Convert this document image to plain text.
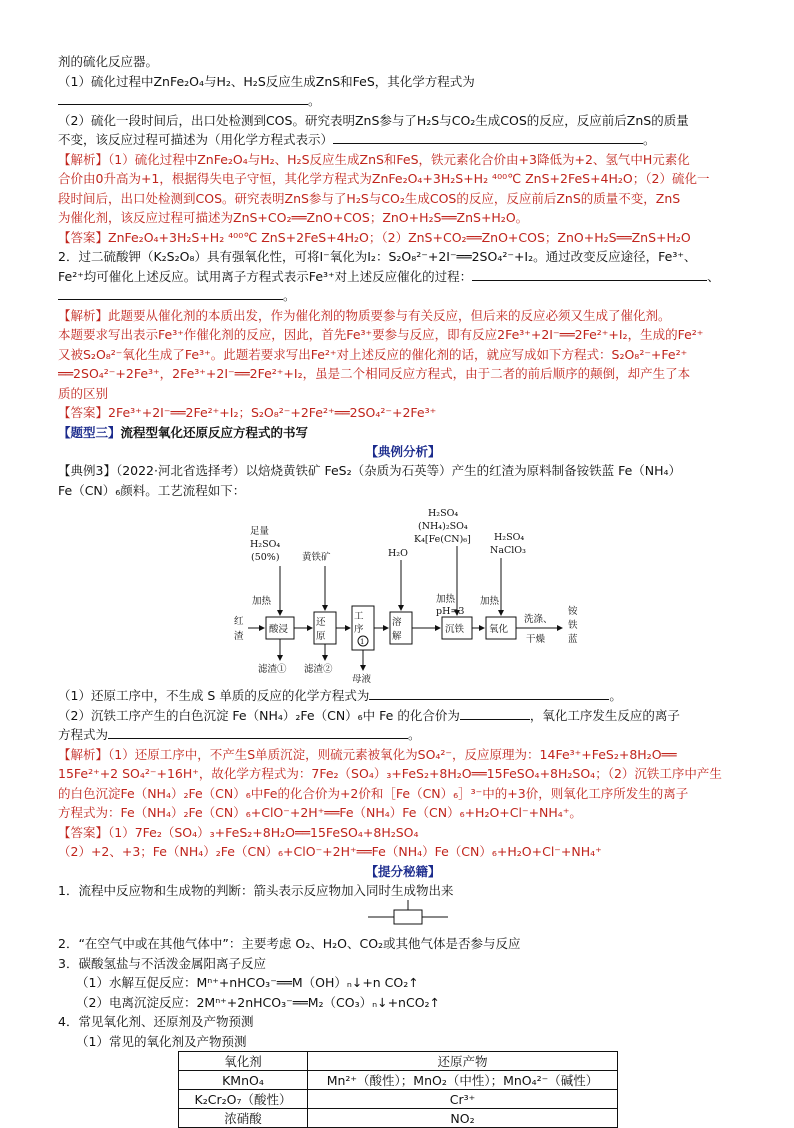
剂的硫化反应器。
（1）硫化过程中ZnFe₂O₄与H₂、H₂S反应生成ZnS和FeS，其化学方程式为
。
（2）硫化一段时间后，出口处检测到COS。研究表明ZnS参与了H₂S与CO₂生成COS的反应，反应前后ZnS的质量
不变，该反应过程可描述为（用化学方程式表示）	。
【解析】（1）硫化过程中ZnFe₂O₄与H₂、H₂S反应生成ZnS和FeS，铁元素化合价由+3降低为+2、氢气中H元素化
合价由0升高为+1，根据得失电子守恒，其化学方程式为ZnFe₂O₄+3H₂S+H₂ ⁴⁰⁰℃ ZnS+2FeS+4H₂O；（2）硫化一
段时间后，出口处检测到COS。研究表明ZnS参与了H₂S与CO₂生成COS的反应，反应前后ZnS的质量不变，ZnS
为催化剂，该反应过程可描述为ZnS+CO₂══ZnO+COS；ZnO+H₂S══ZnS+H₂O。
【答案】ZnFe₂O₄+3H₂S+H₂ ⁴⁰⁰℃ ZnS+2FeS+4H₂O；（2）ZnS+CO₂══ZnO+COS；ZnO+H₂S══ZnS+H₂O
2．过二硫酸钾（K₂S₂O₈）具有强氧化性，可将I⁻氧化为I₂：S₂O₈²⁻+2I⁻══2SO₄²⁻+I₂。通过改变反应途径，Fe³⁺、
Fe²⁺均可催化上述反应。试用离子方程式表示Fe³⁺对上述反应催化的过程：	、
。
【解析】此题要从催化剂的本质出发，作为催化剂的物质要参与有关反应，但后来的反应必须又生成了催化剂。
本题要求写出表示Fe³⁺作催化剂的反应，因此，首先Fe³⁺要参与反应，即有反应2Fe³⁺+2I⁻══2Fe²⁺+I₂，生成的Fe²⁺
又被S₂O₈²⁻氧化生成了Fe³⁺。此题若要求写出Fe²⁺对上述反应的催化剂的话，就应写成如下方程式：S₂O₈²⁻+Fe²⁺
══2SO₄²⁻+2Fe³⁺，2Fe³⁺+2I⁻══2Fe²⁺+I₂，虽是二个相同反应方程式，由于二者的前后顺序的颠倒，却产生了本
质的区别
【答案】2Fe³⁺+2I⁻══2Fe²⁺+I₂；S₂O₈²⁻+2Fe²⁺══2SO₄²⁻+2Fe³⁺
【题型三】流程型氧化还原反应方程式的书写
【典例分析】
【典例3】（2022·河北省选择考）以焙烧黄铁矿 FeS₂（杂质为石英等）产生的红渣为原料制备铵铁蓝 Fe（NH₄）
Fe（CN）₆颜料。工艺流程如下：
红
渣
酸浸
还
原
工
序
1
溶
解
沉铁	氧化
洗涤、
干燥
铵
铁
蓝
足量
H₂SO₄
(50%)
加热
黄铁矿
H₂SO₄
(NH₄)₂SO₄
K₄[Fe(CN)₆]
H₂O
加热
pH=3
H₂SO₄
NaClO₃
加热
滤渣① 滤渣②
母液
（1）还原工序中，不生成 S 单质的反应的化学方程式为	。
（2）沉铁工序产生的白色沉淀 Fe（NH₄）₂Fe（CN）₆中 Fe 的化合价为	，氧化工序发生反应的离子
方程式为	。
【解析】（1）还原工序中，不产生S单质沉淀，则硫元素被氧化为SO₄²⁻，反应原理为：14Fe³⁺+FeS₂+8H₂O══
15Fe²⁺+2 SO₄²⁻+16H⁺，故化学方程式为：7Fe₂（SO₄）₃+FeS₂+8H₂O══15FeSO₄+8H₂SO₄；（2）沉铁工序中产生
的白色沉淀Fe（NH₄）₂Fe（CN）₆中Fe的化合价为+2价和［Fe（CN）₆］³⁻中的+3价，则氧化工序所发生的离子
方程式为：Fe（NH₄）₂Fe（CN）₆+ClO⁻+2H⁺══Fe（NH₄）Fe（CN）₆+H₂O+Cl⁻+NH₄⁺。
【答案】（1）7Fe₂（SO₄）₃+FeS₂+8H₂O══15FeSO₄+8H₂SO₄
（2）+2、+3；Fe（NH₄）₂Fe（CN）₆+ClO⁻+2H⁺══Fe（NH₄）Fe（CN）₆+H₂O+Cl⁻+NH₄⁺
【提分秘籍】
1．流程中反应物和生成物的判断：箭头表示反应物加入同时生成物出来
2．“在空气中或在其他气体中”：主要考虑 O₂、H₂O、CO₂或其他气体是否参与反应
3．碳酸氢盐与不活泼金属阳离子反应
（1）水解互促反应：Mⁿ⁺+nHCO₃⁻══M（OH）ₙ↓+n CO₂↑
（2）电离沉淀反应：2Mⁿ⁺+2nHCO₃⁻══M₂（CO₃）ₙ↓+nCO₂↑
4．常见氧化剂、还原剂及产物预测
（1）常见的氧化剂及产物预测
氧化剂	还原产物
KMnO₄	Mn²⁺（酸性）；MnO₂（中性）；MnO₄²⁻（碱性）
K₂Cr₂O₇（酸性）	Cr³⁺
浓硝酸	NO₂
